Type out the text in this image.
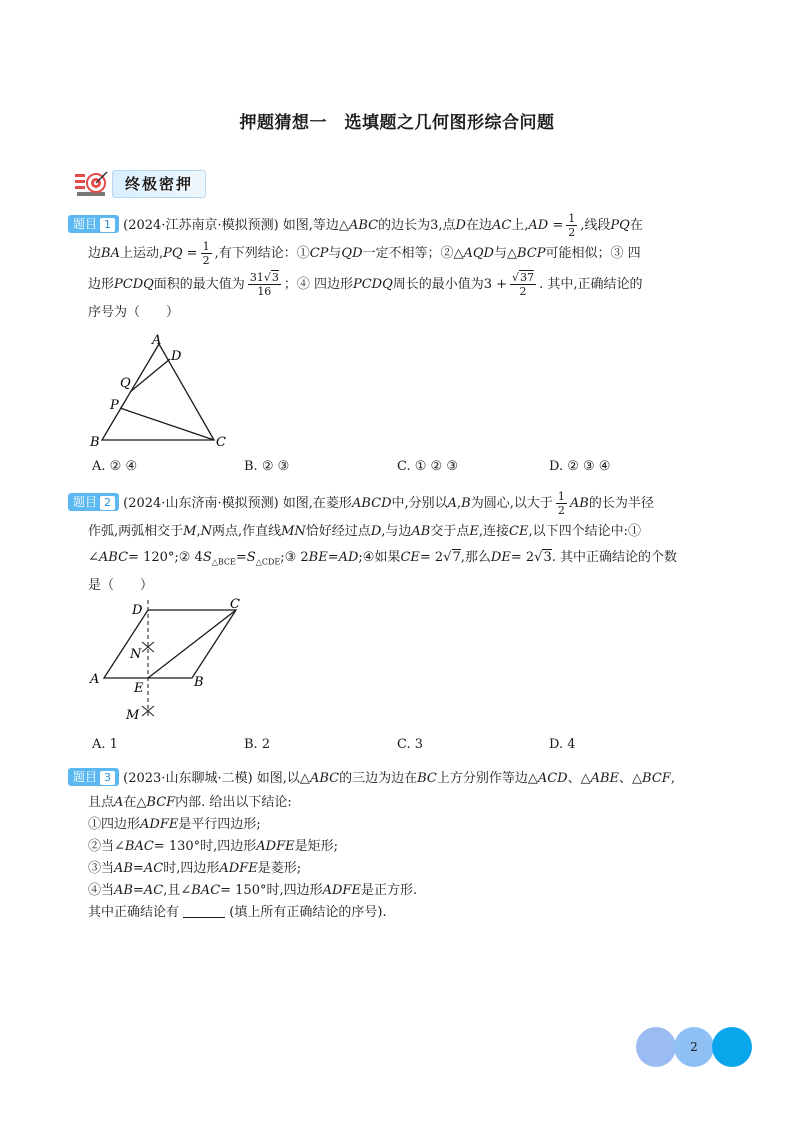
押题猜想一　选填题之几何图形综合问题
终极密押
题目 1 (2024·江苏南京·模拟预测) 如图,等边△ABC的边长为3,点D在边AC上$,AD = \frac{1}{2}$ ,线段PQ在
边BA上运动$,PQ = \frac{1}{2}$ ,有下列结论：①CP与QD一定不相等；②△AQD与△BCP可能相似；③ 四
边形PCDQ面积的最大值为 $\frac{31√3}{16}$ ；④ 四边形PCDQ周长的最小值为$3 + \frac{√37}{2}$ . 其中,正确结论的
序号为（　　）
A
D
Q
P
B	C
A. ② ④	B. ② ③	C. ① ② ③	D. ② ③ ④
题目 2 (2024·山东济南·模拟预测) 如图,在菱形ABCD中,分别以A,B为圆心,以大于 $\frac{1}{2}$ AB的长为半径
作弧,两弧相交于M,N两点,作直线MN恰好经过点D,与边AB交于点E,连接CE,以下四个结论中:①
∠ABC= 120°;② $4S_{\triangle BCE}=S_{\triangle CDE};③$ 2BE=AD;④如果CE= 2√7,那么DE= 2√3. 其中正确结论的个数
是（　　）
D	C
N
A
E	B
M
A. 1	B. 2	C. 3	D. 4
题目 3 (2023·山东聊城·二模) 如图,以△ABC的三边为边在BC上方分别作等边△ACD、△ABE、△BCF,
且点A在△BCF内部. 给出以下结论:
①四边形ADFE是平行四边形;
②当∠BAC= 130°时,四边形ADFE是矩形;
③当AB=AC时,四边形ADFE是菱形;
④当AB=AC,且∠BAC= 150°时,四边形ADFE是正方形.
其中正确结论有	(填上所有正确结论的序号).
2
